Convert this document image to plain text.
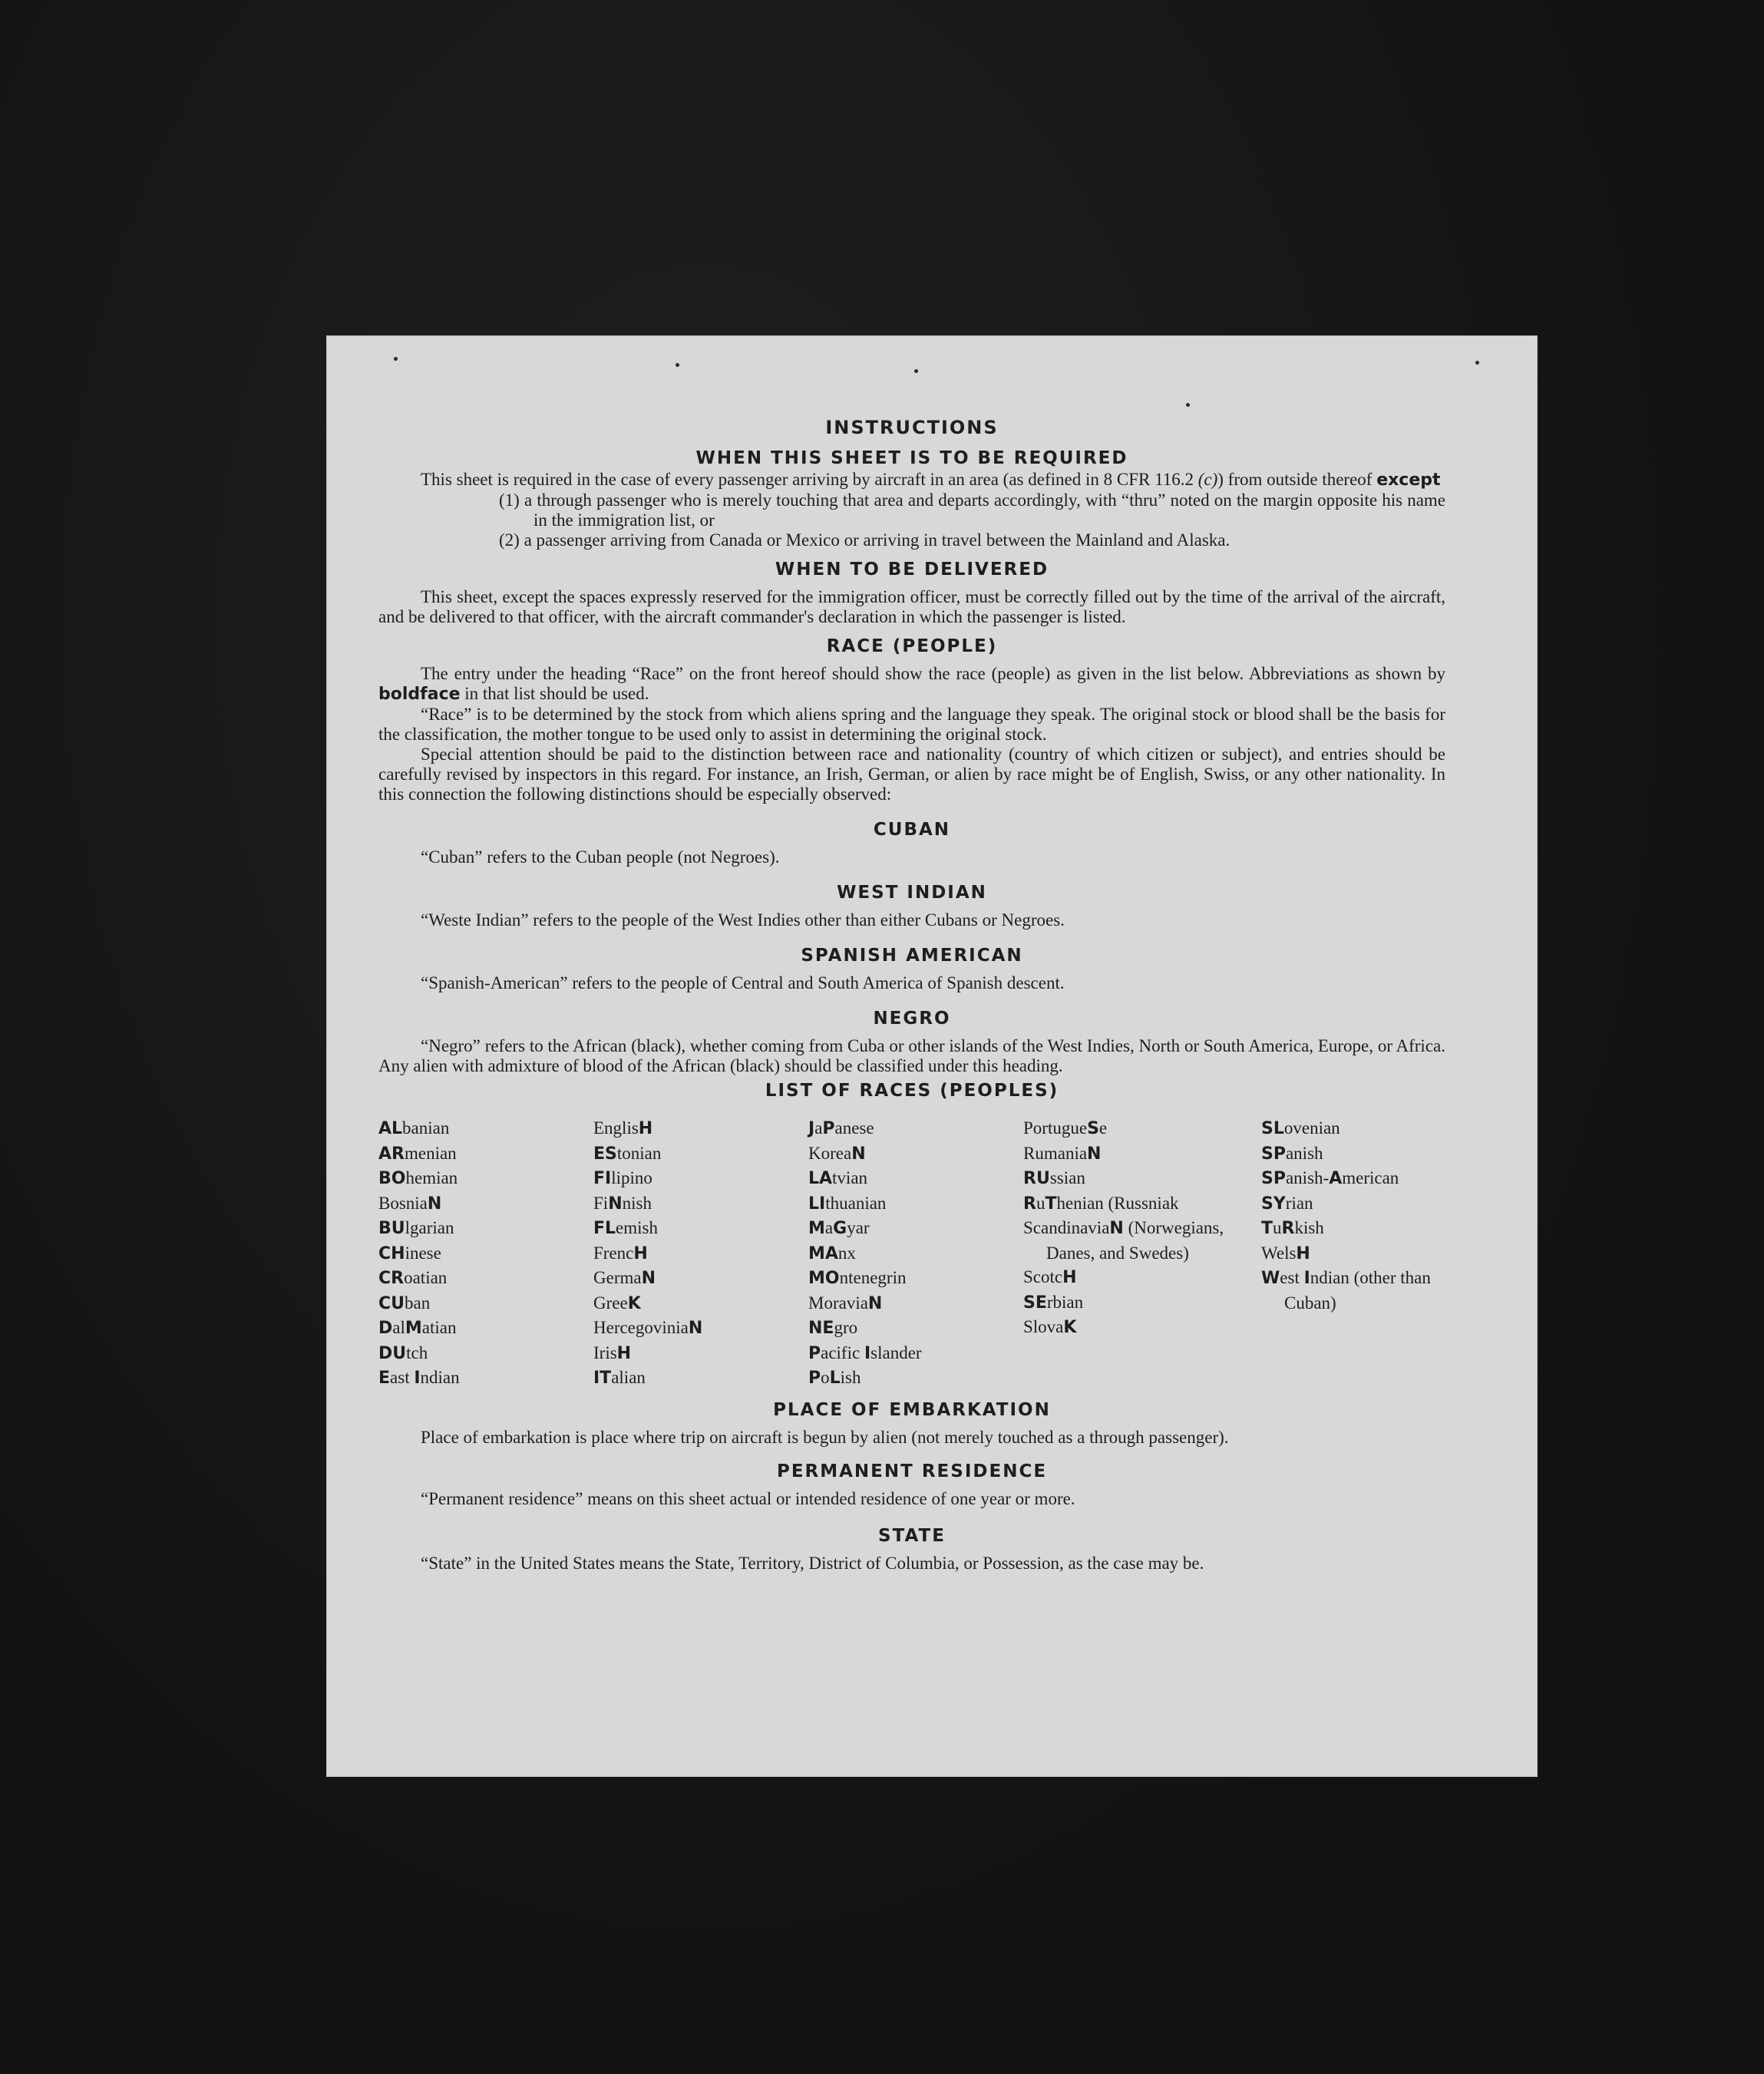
INSTRUCTIONS
WHEN THIS SHEET IS TO BE REQUIRED

This sheet is required in the case of every passenger arriving by aircraft in an area (as defined in 8 CFR 116.2 (c)) from outside thereof except

(1) a through passenger who is merely touching that area and departs accordingly, with “thru” noted on the margin opposite his name in the immigration list, or
(2) a passenger arriving from Canada or Mexico or arriving in travel between the Mainland and Alaska.
WHEN TO BE DELIVERED

This sheet, except the spaces expressly reserved for the immigration officer, must be correctly filled out by the time of the arrival of the aircraft, and be delivered to that officer, with the aircraft commander's declaration in which the passenger is listed.

RACE (PEOPLE)

The entry under the heading “Race” on the front hereof should show the race (people) as given in the list below. Abbreviations as shown by boldface in that list should be used.

“Race” is to be determined by the stock from which aliens spring and the language they speak. The original stock or blood shall be the basis for the classification, the mother tongue to be used only to assist in determining the original stock.

Special attention should be paid to the distinction between race and nationality (country of which citizen or subject), and entries should be carefully revised by inspectors in this regard. For instance, an Irish, German, or alien by race might be of English, Swiss, or any other nationality. In this connection the following distinctions should be especially observed:

CUBAN

“Cuban” refers to the Cuban people (not Negroes).

WEST INDIAN

“Weste Indian” refers to the people of the West Indies other than either Cubans or Negroes.

SPANISH AMERICAN

“Spanish-American” refers to the people of Central and South America of Spanish descent.

NEGRO

“Negro” refers to the African (black), whether coming from Cuba or other islands of the West Indies, North or South America, Europe, or Africa. Any alien with admixture of blood of the African (black) should be classified under this heading.

LIST OF RACES (PEOPLES)
ALbanian
ARmenian
BOhemian
BosniaN
BUlgarian
CHinese
CRoatian
CUban
DalMatian
DUtch
East Indian
EnglisH
EStonian
FIlipino
FiNnish
FLemish
FrencH
GermaN
GreeK
HercegoviniaN
IrisH
ITalian
JaPanese
KoreaN
LAtvian
LIthuanian
MaGyar
MAnx
MOntenegrin
MoraviaN
NEgro
Pacific Islander
PoLish
PortugueSe
RumaniaN
RUssian
RuThenian (Russniak
ScandinaviaN (Norwegians, Danes, and Swedes)
ScotcH
SErbian
SlovaK
SLovenian
SPanish
SPanish-American
SYrian
TuRkish
WelsH
West Indian (other than Cuban)
PLACE OF EMBARKATION

Place of embarkation is place where trip on aircraft is begun by alien (not merely touched as a through passenger).

PERMANENT RESIDENCE

“Permanent residence” means on this sheet actual or intended residence of one year or more.

STATE

“State” in the United States means the State, Territory, District of Columbia, or Possession, as the case may be.
